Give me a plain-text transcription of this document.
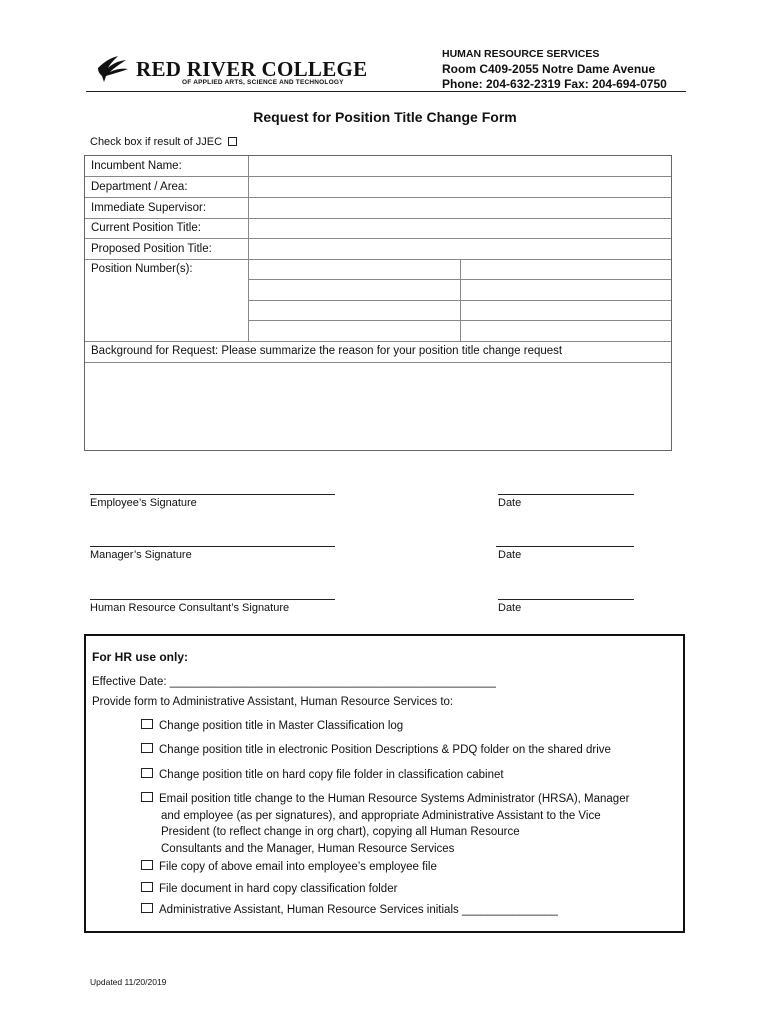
RED RIVER COLLEGE
OF APPLIED ARTS, SCIENCE AND TECHNOLOGY
HUMAN RESOURCE SERVICES
Room C409-2055 Notre Dame Avenue
Phone: 204-632-2319 Fax: 204-694-0750
Request for Position Title Change Form
Check box if result of JJEC
Incumbent Name:
Department / Area:
Immediate Supervisor:
Current Position Title:
Proposed Position Title:
Position Number(s):
Background for Request: Please summarize the reason for your position title change request
Employee’s Signature	Date
Manager’s Signature	Date
Human Resource Consultant’s Signature	Date
For HR use only:
Effective Date: ___________________________________________________
Provide form to Administrative Assistant, Human Resource Services to:
Change position title in Master Classification log
Change position title in electronic Position Descriptions & PDQ folder on the shared drive
Change position title on hard copy file folder in classification cabinet
Email position title change to the Human Resource Systems Administrator (HRSA), Manager
and employee (as per signatures), and appropriate Administrative Assistant to the Vice
President (to reflect change in org chart), copying all Human Resource
Consultants and the Manager, Human Resource Services
File copy of above email into employee’s employee file
File document in hard copy classification folder
Administrative Assistant, Human Resource Services initials _______________
Updated 11/20/2019
